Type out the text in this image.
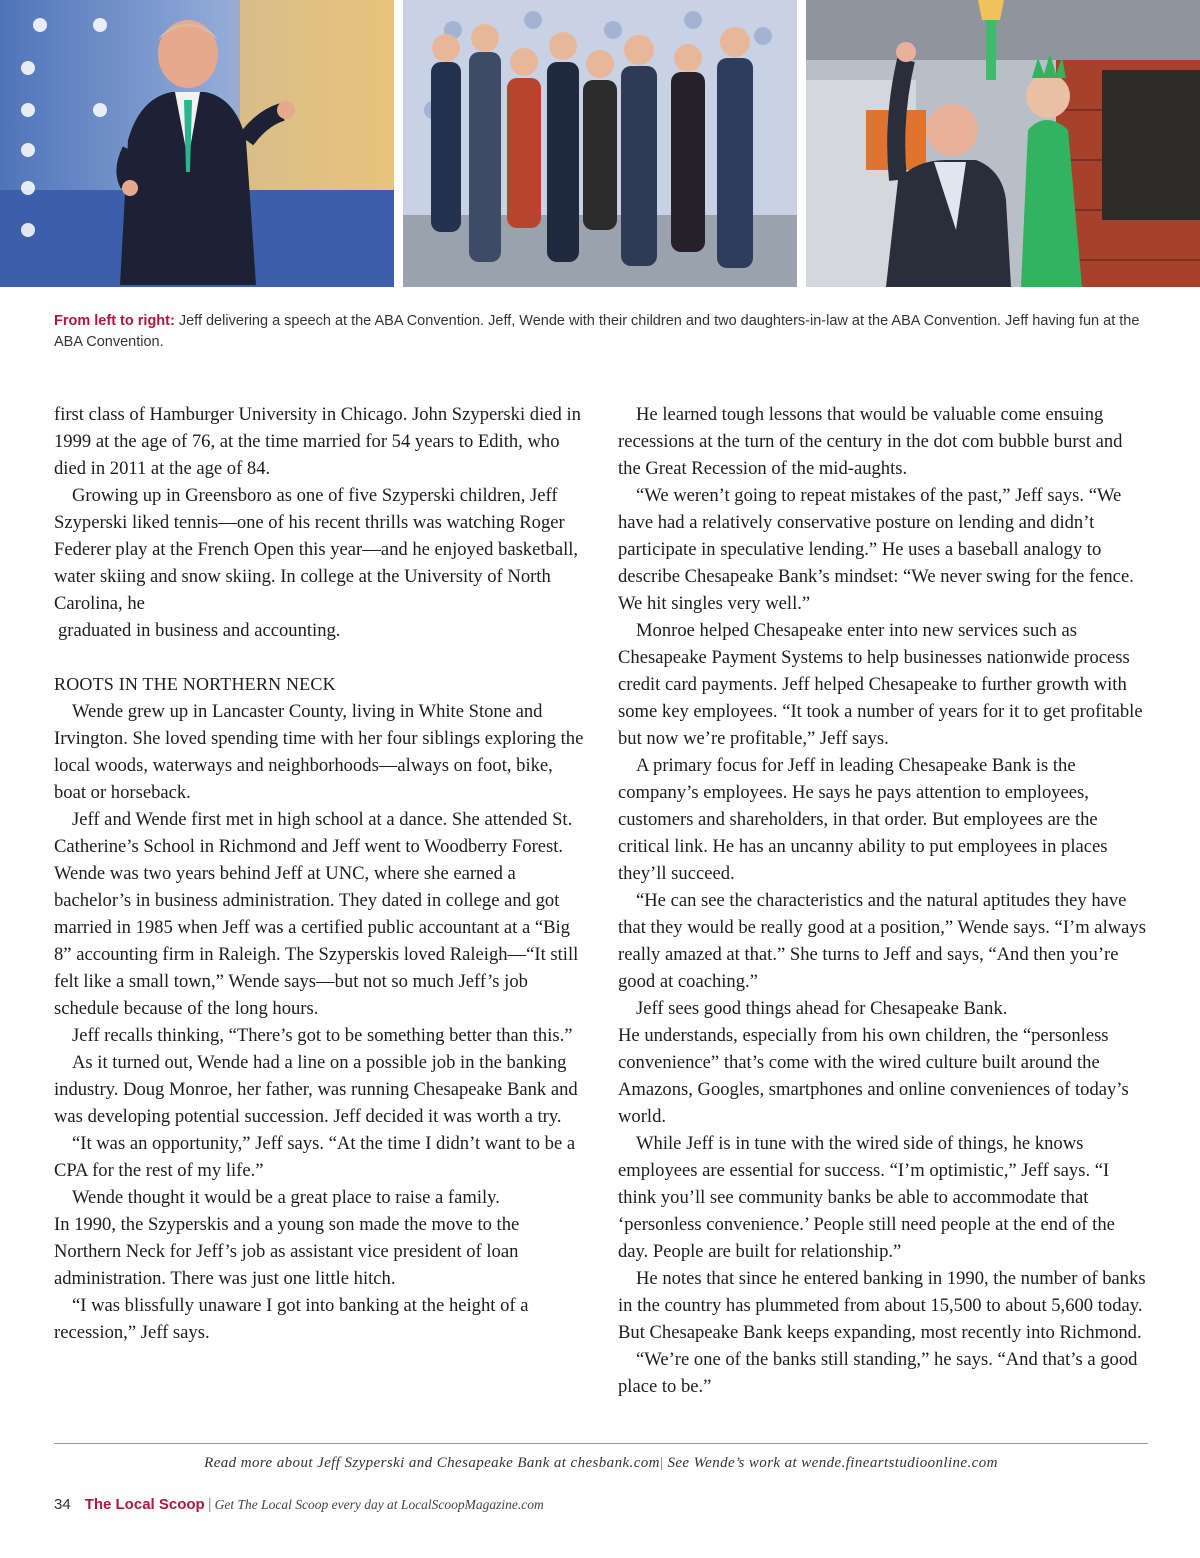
From left to right: Jeff delivering a speech at the ABA Convention. Jeff, Wende with their children and two daughters-in-law at the ABA Convention. Jeff having fun at the ABA Convention.

first class of Hamburger University in Chicago. John Szyperski died in 1999 at the age of 76, at the time married for 54 years to Edith, who died in 2011 at the age of 84.

Growing up in Greensboro as one of five Szyperski children, Jeff Szyperski liked tennis—one of his recent thrills was watching Roger Federer play at the French Open this year—and he enjoyed basketball, water skiing and snow skiing. In college at the University of North Carolina, he

graduated in business and accounting.

ROOTS IN THE NORTHERN NECK

Wende grew up in Lancaster County, living in White Stone and Irvington. She loved spending time with her four siblings exploring the local woods, waterways and neighborhoods—always on foot, bike, boat or horseback.

Jeff and Wende first met in high school at a dance. She attended St. Catherine’s School in Richmond and Jeff went to Woodberry Forest. Wende was two years behind Jeff at UNC, where she earned a bachelor’s in business administration. They dated in college and got married in 1985 when Jeff was a certified public accountant at a “Big 8” accounting firm in Raleigh. The Szyperskis loved Raleigh—“It still felt like a small town,” Wende says—but not so much Jeff’s job schedule because of the long hours.

Jeff recalls thinking, “There’s got to be something better than this.”

As it turned out, Wende had a line on a possible job in the banking industry. Doug Monroe, her father, was running Chesapeake Bank and was developing potential succession. Jeff decided it was worth a try.

“It was an opportunity,” Jeff says. “At the time I didn’t want to be a CPA for the rest of my life.”

Wende thought it would be a great place to raise a family.

In 1990, the Szyperskis and a young son made the move to the Northern Neck for Jeff’s job as assistant vice president of loan administration. There was just one little hitch.

“I was blissfully unaware I got into banking at the height of a recession,” Jeff says.

He learned tough lessons that would be valuable come ensuing recessions at the turn of the century in the dot com bubble burst and the Great Recession of the mid-aughts.

“We weren’t going to repeat mistakes of the past,” Jeff says. “We have had a relatively conservative posture on lending and didn’t participate in speculative lending.” He uses a baseball analogy to describe Chesapeake Bank’s mindset: “We never swing for the fence. We hit singles very well.”

Monroe helped Chesapeake enter into new services such as Chesapeake Payment Systems to help businesses nationwide process credit card payments. Jeff helped Chesapeake to further growth with some key employees. “It took a number of years for it to get profitable but now we’re profitable,” Jeff says.

A primary focus for Jeff in leading Chesapeake Bank is the company’s employees. He says he pays attention to employees, customers and shareholders, in that order. But employees are the critical link. He has an uncanny ability to put employees in places they’ll succeed.

“He can see the characteristics and the natural aptitudes they have that they would be really good at a position,” Wende says. “I’m always really amazed at that.” She turns to Jeff and says, “And then you’re good at coaching.”

Jeff sees good things ahead for Chesapeake Bank.

He understands, especially from his own children, the “personless convenience” that’s come with the wired culture built around the Amazons, Googles, smartphones and online conveniences of today’s world.

While Jeff is in tune with the wired side of things, he knows employees are essential for success. “I’m optimistic,” Jeff says. “I think you’ll see community banks be able to accommodate that ‘personless convenience.’ People still need people at the end of the day. People are built for relationship.”

He notes that since he entered banking in 1990, the number of banks in the country has plummeted from about 15,500 to about 5,600 today. But Chesapeake Bank keeps expanding, most recently into Richmond.

“We’re one of the banks still standing,” he says. “And that’s a good place to be.”

Read more about Jeff Szyperski and Chesapeake Bank at chesbank.com| See Wende’s work at wende.fineartstudioonline.com
34 The Local Scoop | Get The Local Scoop every day at LocalScoopMagazine.com
